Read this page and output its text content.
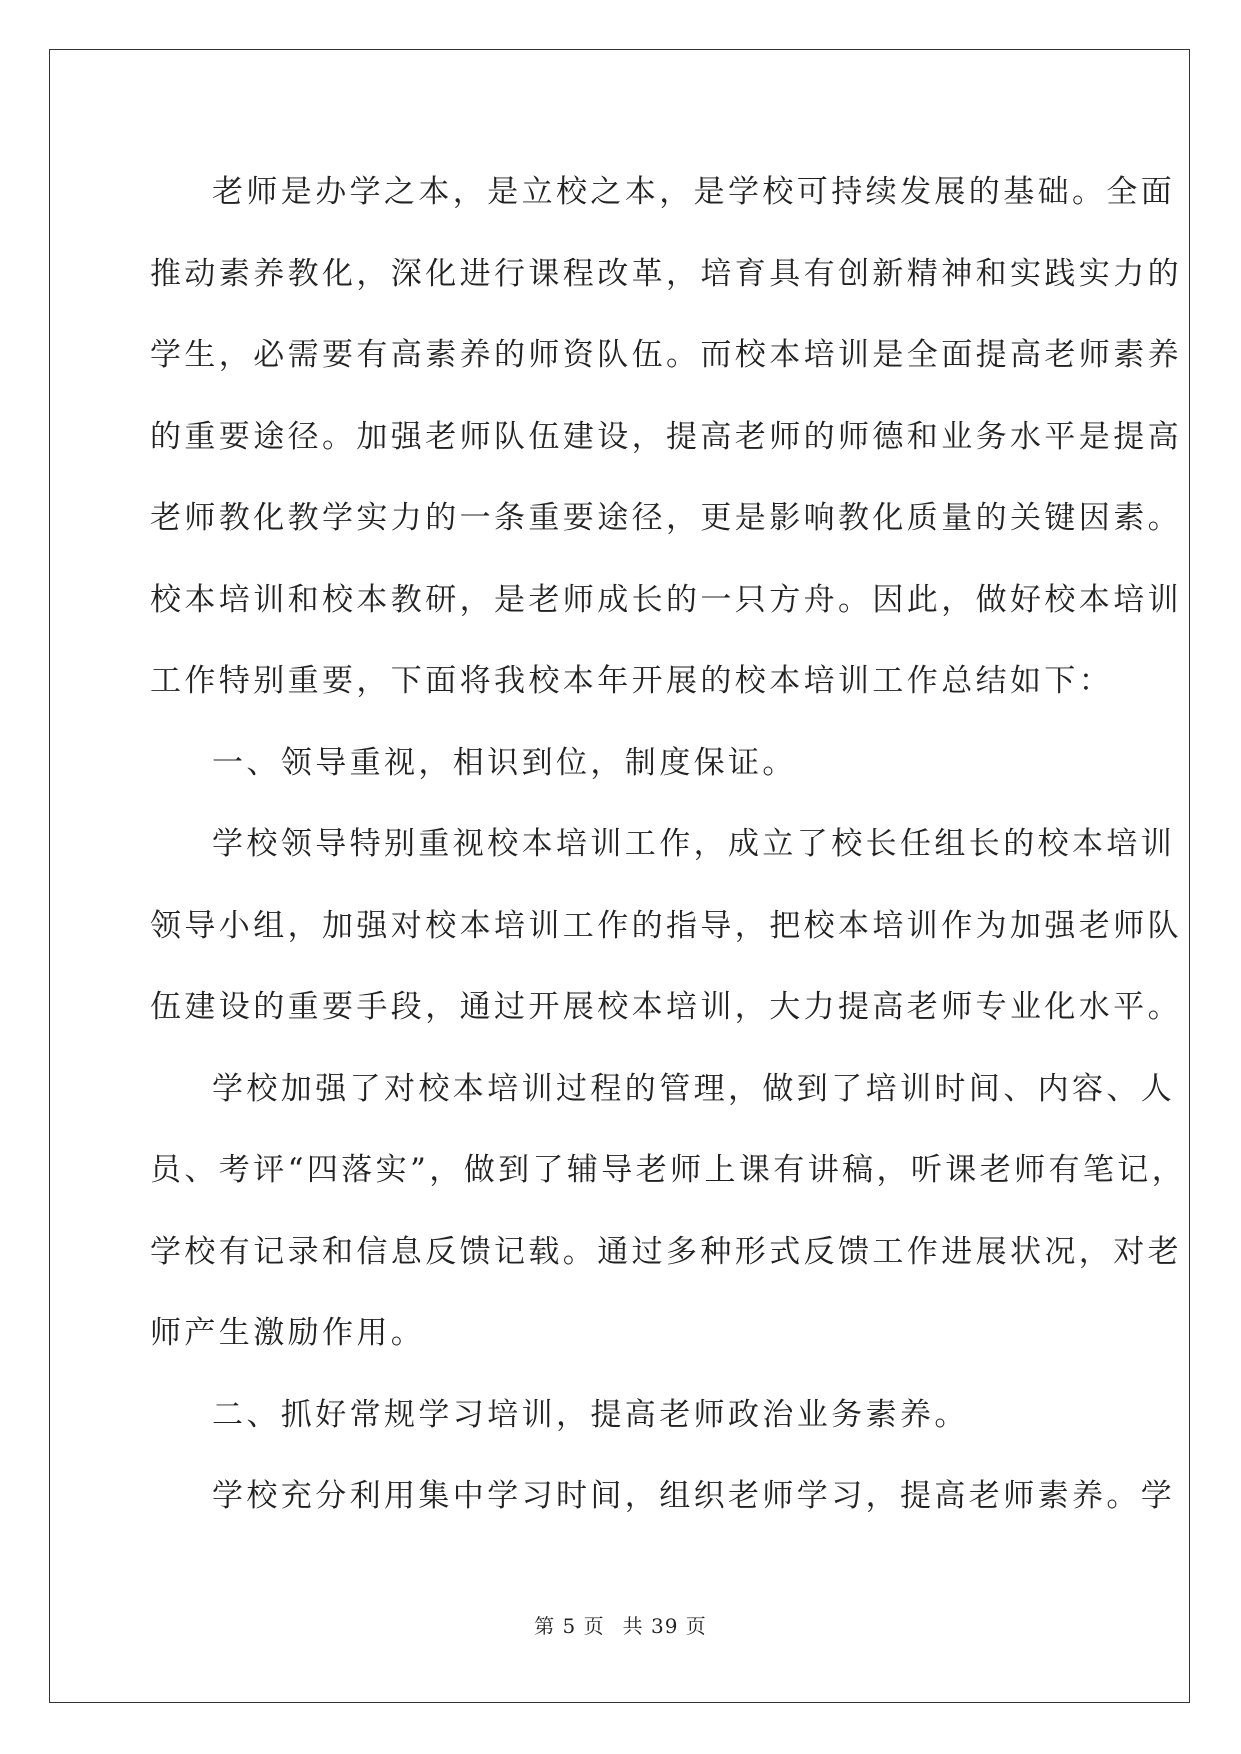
老师是办学之本，是立校之本，是学校可持续发展的基础。全面
推动素养教化，深化进行课程改革，培育具有创新精神和实践实力的
学生，必需要有高素养的师资队伍。而校本培训是全面提高老师素养
的重要途径。加强老师队伍建设，提高老师的师德和业务水平是提高
老师教化教学实力的一条重要途径，更是影响教化质量的关键因素。
校本培训和校本教研，是老师成长的一只方舟。因此，做好校本培训
工作特别重要，下面将我校本年开展的校本培训工作总结如下：
一、领导重视，相识到位，制度保证。
学校领导特别重视校本培训工作，成立了校长任组长的校本培训
领导小组，加强对校本培训工作的指导，把校本培训作为加强老师队
伍建设的重要手段，通过开展校本培训，大力提高老师专业化水平。
学校加强了对校本培训过程的管理，做到了培训时间、内容、人
员、考评“四落实”，做到了辅导老师上课有讲稿，听课老师有笔记，
学校有记录和信息反馈记载。通过多种形式反馈工作进展状况，对老
师产生激励作用。
二、抓好常规学习培训，提高老师政治业务素养。
学校充分利用集中学习时间，组织老师学习，提高老师素养。学
第 5 页 共 39 页
